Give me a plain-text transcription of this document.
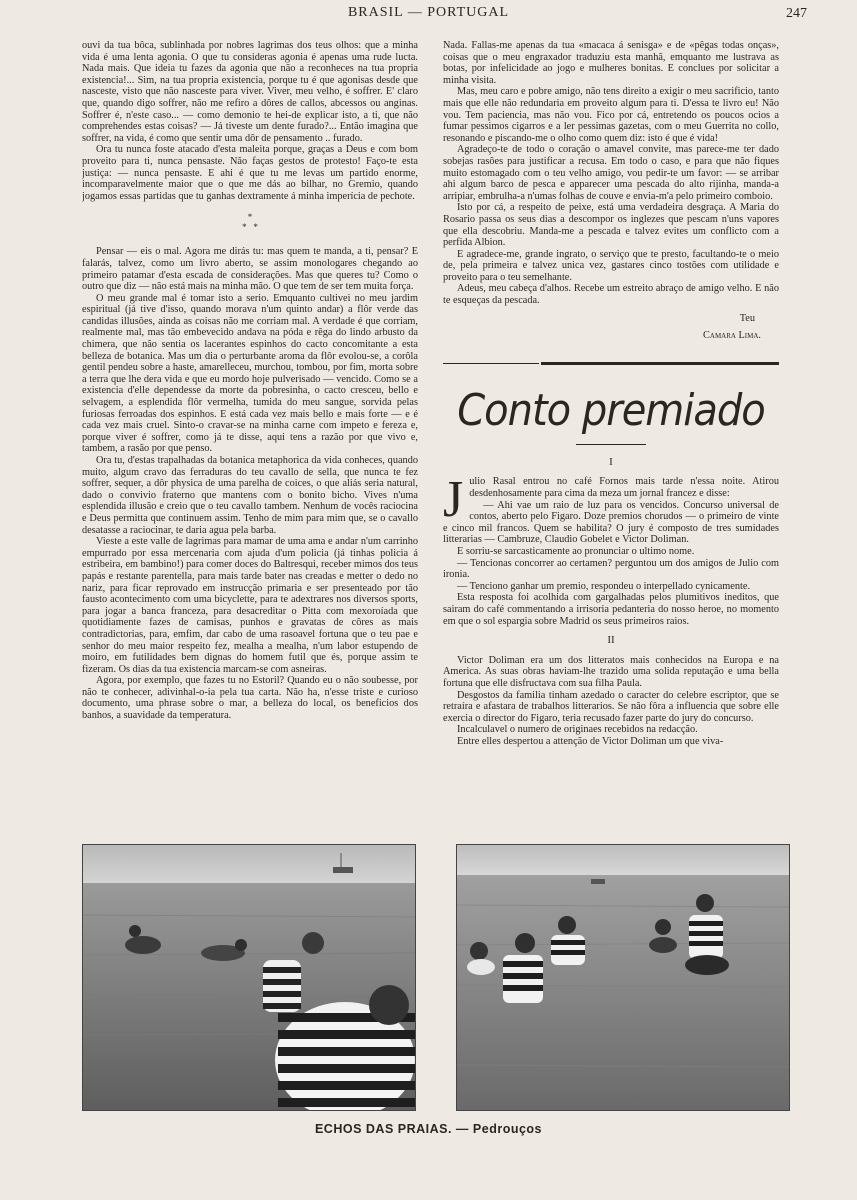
BRASIL — PORTUGAL	247

ouvi da tua bôca, sublinhada por nobres lagrimas dos teus olhos: que a minha vida é uma lenta agonia. O que tu consideras agonia é apenas uma rude lucta. Nada mais. Que ideia tu fazes da agonia que não a reconheces na tua propria existencia!... Sim, na tua propria existencia, porque tu é que agonisas desde que nasceste, visto que não nasceste para viver. Viver, meu velho, é soffrer. E' claro que, quando digo soffrer, não me refiro a dôres de callos, abcessos ou anginas. Soffrer é, n'este caso... — como demonio te hei-de explicar isto, a ti, que não comprehendes estas coisas? — Já tiveste um dente furado?... Então imagina que soffrer, na vida, é como que sentir uma dôr de pensamento .. furado.

Ora tu nunca foste atacado d'esta maleita porque, graças a Deus e com bom proveito para ti, nunca pensaste. Não faças gestos de protesto! Faço-te esta justiça: — nunca pensaste. E ahi é que tu me levas um partido enorme, incomparavelmente maior que o que me dás ao bilhar, no Gremio, quando jogamos essas partidas que tu ganhas dextramente á minha imperícia de pechote.

*
*   *

Pensar — eis o mal. Agora me dirás tu: mas quem te manda, a ti, pensar? E falarás, talvez, como um livro aberto, se assim monologares chegando ao primeiro patamar d'esta escada de considerações. Mas que queres tu? Como o outro que diz — não está mais na minha mão. O que tem de ser tem muita força.

O meu grande mal é tomar isto a serio. Emquanto cultivei no meu jardim espiritual (já tive d'isso, quando morava n'um quinto andar) a flôr verde das candidas illusões, ainda as coisas não me corriam mal. A verdade é que corriam, realmente mal, mas tão embevecido andava na póda e rêga do lindo arbusto da chimera, que não sentia os lacerantes espinhos do cacto concomitante a esta belleza de botanica. Mas um dia o perturbante aroma da flôr evolou-se, a corôla gentil pendeu sobre a haste, amarelleceu, murchou, tombou, por fim, morta sobre a terra que lhe dera vida e que eu mordo hoje pulverisado — vencido. Como se a existencia d'elle dependesse da morte da pobresinha, o cacto cresceu, bello e selvagem, a esplendida flôr vermelha, tumida do meu sangue, sorvida pelas furiosas ferroadas dos espinhos. E está cada vez mais bello e mais forte — e é cada vez mais cruel. Sinto-o cravar-se na minha carne com impeto e fereza e, porque viver é soffrer, como já te disse, aqui tens a razão por que vivo e, tambem, a rasão por que penso.

Ora tu, d'estas trapalhadas da botanica metaphorica da vida conheces, quando muito, algum cravo das ferraduras do teu cavallo de sella, que nunca te fez soffrer, sequer, a dôr physica de uma parelha de coices, o que aliás seria natural, dado o convivio fraterno que mantens com o bonito bicho. Vives n'uma esplendida illusão e creio que o teu cavallo tambem. Nenhum de vocês raciocina e Deus permitta que continuem assim. Tenho de mim para mim que, se o cavallo desatasse a raciocinar, te daria agua pela barba.

Vieste a este valle de lagrimas para mamar de uma ama e andar n'um carrinho empurrado por essa mercenaria com ajuda d'um policia (já tinhas policia á estribeira, em bambino!) para comer doces do Baltresqui, receber mimos dos teus papás e restante parentella, para mais tarde bater nas creadas e metter o dedo no nariz, para ficar reprovado em instrucção primaria e ser presenteado por tão fausto acontecimento com uma bicyclette, para te adextrares nos diversos sports, para jogar a banca franceza, para desacreditar o Pitta com mexoroíada que quotidiamente fazes de camisas, punhos e gravatas de côres as mais contradictorias, para, emfim, dar cabo de uma rasoavel fortuna que o teu pae e senhor do meu maior respeito fez, mealha a mealha, n'um labor estupendo de moiro, em futilidades bem dignas do homem futil que és, porque assim te fizeram. Os dias da tua existencia marcam-se com asneiras.

Agora, por exemplo, que fazes tu no Estoril? Quando eu o não soubesse, por não te conhecer, adivinhal-o-ia pela tua carta. Não ha, n'esse triste e curioso documento, uma phrase sobre o mar, a belleza do local, os beneficios dos banhos, a suavidade da temperatura.

Nada. Fallas-me apenas da tua «macaca á senisga» e de «pêgas todas onças», coisas que o meu engraxador traduziu esta manhã, emquanto me lustrava as botas, por infelicidade ao jogo e mulheres bonitas. E conclues por solicitar a minha visita.

Mas, meu caro e pobre amigo, não tens direito a exigir o meu sacrificio, tanto mais que elle não redundaria em proveito algum para ti. D'essa te livro eu! Não vou. Tem paciencia, mas não vou. Fico por cá, entretendo os poucos ocios a fumar pessimos cigarros e a ler pessimas gazetas, com o meu Guerrita no collo, resonando e piscando-me o olho como quem diz: isto é que é vida!

Agradeço-te de todo o coração o amavel convite, mas parece-me ter dado sobejas rasões para justificar a recusa. Em todo o caso, e para que não fiques muito estomagado com o teu velho amigo, vou pedir-te um favor: — se arribar ahi algum barco de pesca e apparecer uma pescada do alto rijinha, manda-a arripiar, embrulha-a n'umas folhas de couve e envia-m'a pelo primeiro comboio.

Isto por cá, a respeito de peixe, está uma verdadeira desgraça. A Maria do Rosario passa os seus dias a descompor os inglezes que pescam n'uns vapores que ella descobriu. Manda-me a pescada e talvez evites um conflicto com a perfida Albion.

E agradece-me, grande ingrato, o serviço que te presto, facultando-te o meio de, pela primeira e talvez unica vez, gastares cinco tostões com utilidade e proveito para o teu semelhante.

Adeus, meu cabeça d'alhos. Recebe um estreito abraço de amigo velho. E não te esqueças da pescada.

Teu
Camara Lima.
Conto premiado
I

Julio Rasal entrou no café Fornos mais tarde n'essa noite. Atirou desdenhosamente para cima da meza um jornal francez e disse:

— Ahi vae um raio de luz para os vencidos. Concurso universal de contos, aberto pelo Figaro. Doze premios chorudos — o primeiro de vinte e cinco mil francos. Quem se habilita? O jury é composto de tres sumidades litterarias — Cambruze, Claudio Gobelet e Victor Doliman.

E sorriu-se sarcasticamente ao pronunciar o ultimo nome.

— Tencionas concorrer ao certamen? perguntou um dos amigos de Julio com ironia.

— Tenciono ganhar um premio, respondeu o interpellado cynicamente.

Esta resposta foi acolhida com gargalhadas pelos plumitivos ineditos, que sairam do café commentando a irrisoria pedanteria do nosso heroe, no momento em que o sol espargia sobre Madrid os seus primeiros raios.

II

Victor Doliman era um dos litteratos mais conhecidos na Europa e na America. As suas obras haviam-lhe trazido uma solida reputação e uma bella fortuna que elle disfructava com sua filha Paula.

Desgostos da familia tinham azedado o caracter do celebre escriptor, que se retraíra e afastara de trabalhos litterarios. Se não fôra a influencia que sobre elle exercia o director do Figaro, teria recusado fazer parte do jury do concurso.

Incalculavel o numero de originaes recebidos na redacção.

Entre elles despertou a attenção de Victor Doliman um que viva-

ECHOS DAS PRAIAS. — Pedrouços
